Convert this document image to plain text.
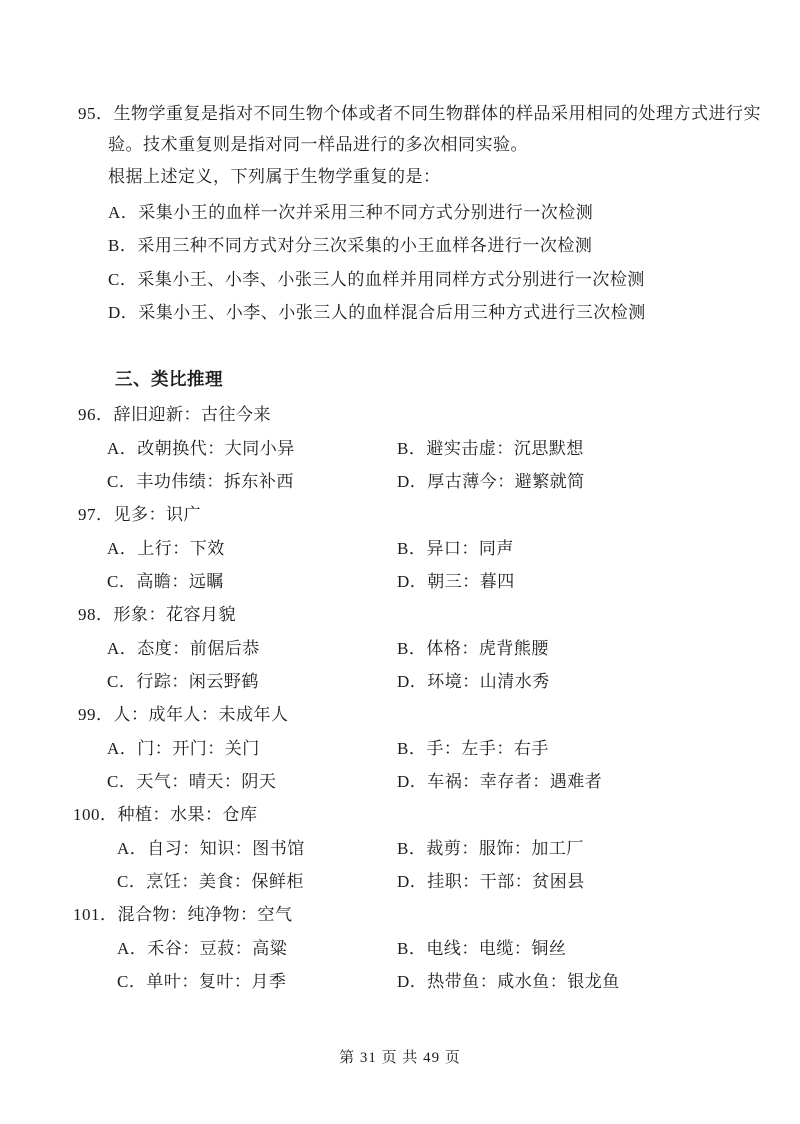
95．生物学重复是指对不同生物个体或者不同生物群体的样品采用相同的处理方式进行实
验。技术重复则是指对同一样品进行的多次相同实验。
根据上述定义，下列属于生物学重复的是：
A．采集小王的血样一次并采用三种不同方式分别进行一次检测
B．采用三种不同方式对分三次采集的小王血样各进行一次检测
C．采集小王、小李、小张三人的血样并用同样方式分别进行一次检测
D．采集小王、小李、小张三人的血样混合后用三种方式进行三次检测
三、类比推理
96．辞旧迎新：古往今来
A．改朝换代：大同小异	B．避实击虚：沉思默想
C．丰功伟绩：拆东补西	D．厚古薄今：避繁就简
97．见多：识广
A．上行：下效	B．异口：同声
C．高瞻：远瞩	D．朝三：暮四
98．形象：花容月貌
A．态度：前倨后恭	B．体格：虎背熊腰
C．行踪：闲云野鹤	D．环境：山清水秀
99．人：成年人：未成年人
A．门：开门：关门	B．手：左手：右手
C．天气：晴天：阴天	D．车祸：幸存者：遇难者
100．种植：水果：仓库
A．自习：知识：图书馆	B．裁剪：服饰：加工厂
C．烹饪：美食：保鲜柜	D．挂职：干部：贫困县
101．混合物：纯净物：空气
A．禾谷：豆菽：高粱	B．电线：电缆：铜丝
C．单叶：复叶：月季	D．热带鱼：咸水鱼：银龙鱼
第 31 页 共 49 页
